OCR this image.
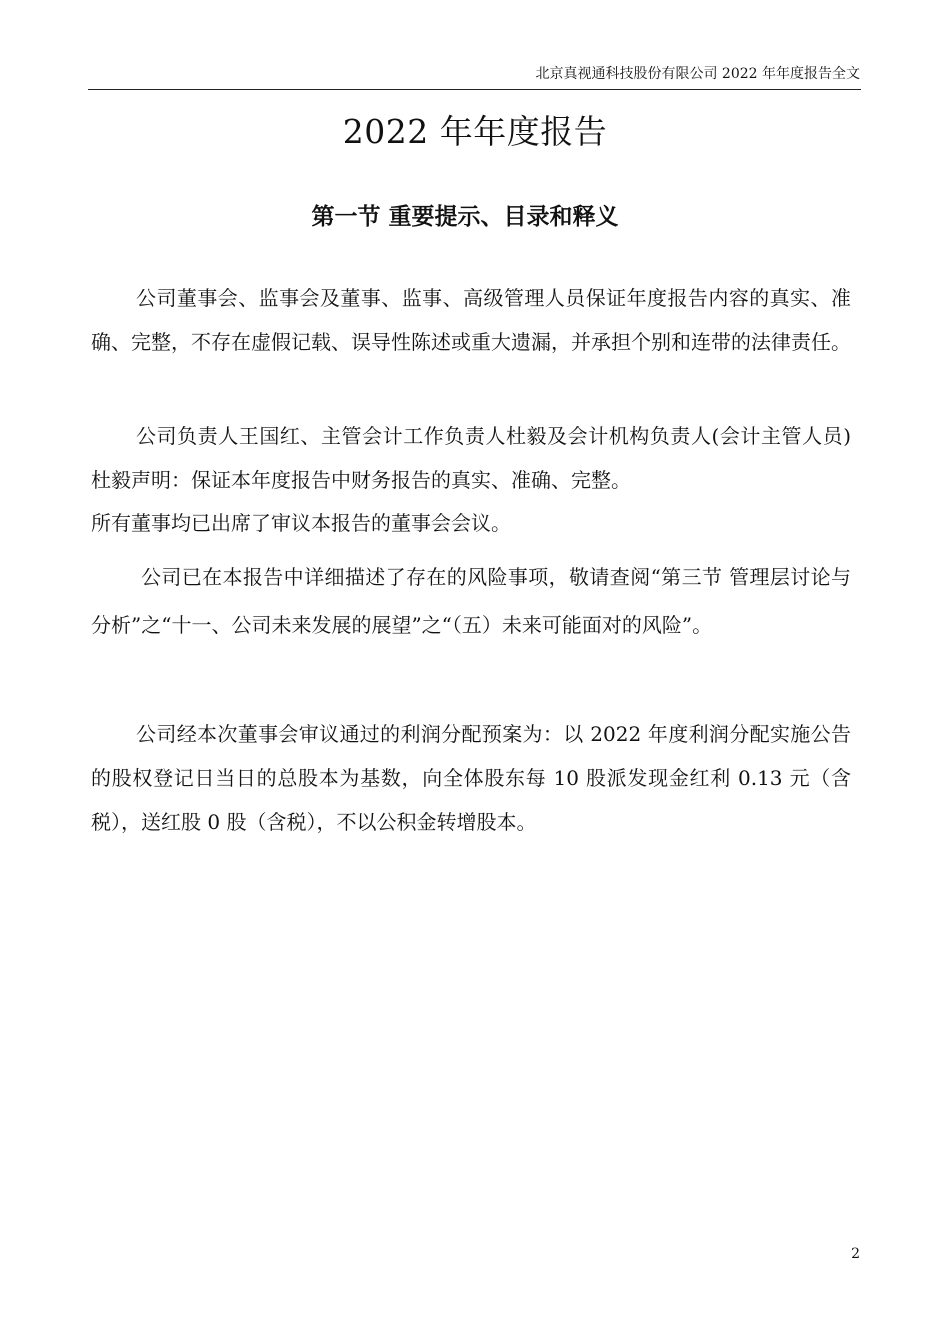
北京真视通科技股份有限公司 2022 年年度报告全文
2022 年年度报告
第一节 重要提示、目录和释义

公司董事会、监事会及董事、监事、高级管理人员保证年度报告内容的真实、准确、完整，不存在虚假记载、误导性陈述或重大遗漏，并承担个别和连带的法律责任。

公司负责人王国红、主管会计工作负责人杜毅及会计机构负责人(会计主管人员)杜毅声明：保证本年度报告中财务报告的真实、准确、完整。

所有董事均已出席了审议本报告的董事会会议。

公司已在本报告中详细描述了存在的风险事项，敬请查阅“第三节 管理层讨论与分析”之“十一、公司未来发展的展望”之“（五）未来可能面对的风险”。

公司经本次董事会审议通过的利润分配预案为：以 2022 年度利润分配实施公告的股权登记日当日的总股本为基数，向全体股东每 10 股派发现金红利 0.13 元（含税），送红股 0 股（含税），不以公积金转增股本。

2
